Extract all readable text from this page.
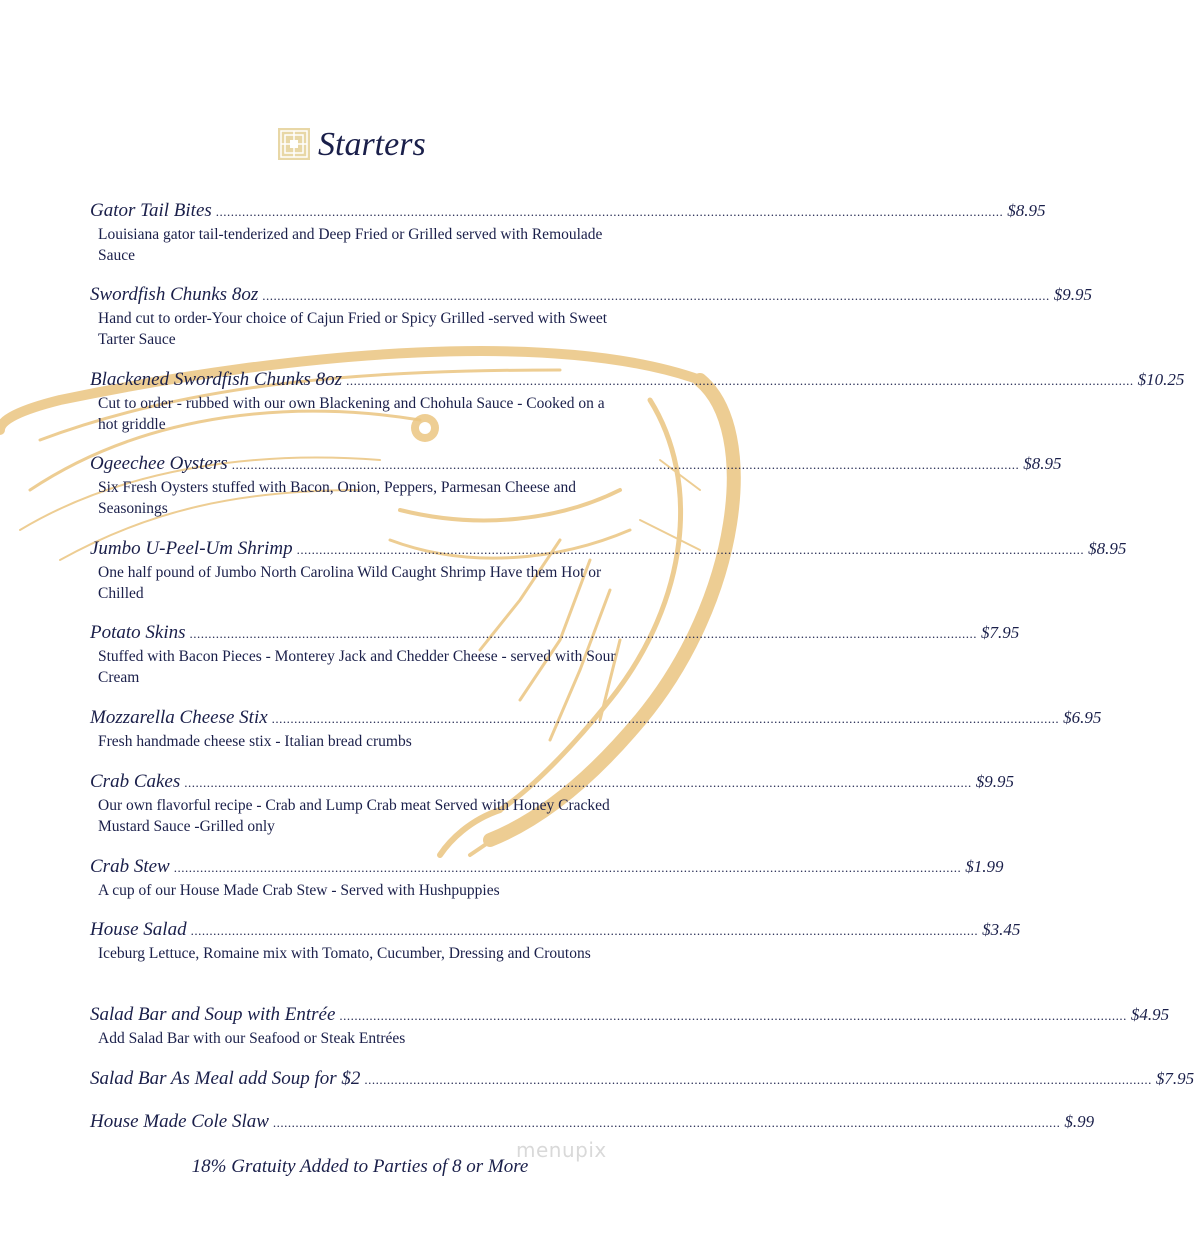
Starters
Gator Tail Bites .....	$8.95
Louisiana gator tail-tenderized and Deep Fried or Grilled served with Remoulade Sauce
Swordfish Chunks 8oz .....	$9.95
Hand cut to order-Your choice of Cajun Fried or Spicy Grilled -served with Sweet Tarter Sauce
Blackened Swordfish Chunks 8oz .....	$10.25
Cut to order - rubbed with our own Blackening and Chohula Sauce - Cooked on a hot griddle
Ogeechee Oysters .....	$8.95
Six Fresh Oysters stuffed with Bacon, Onion, Peppers, Parmesan Cheese and Seasonings
Jumbo U-Peel-Um Shrimp .....	$8.95
One half pound of Jumbo North Carolina Wild Caught Shrimp Have them Hot or Chilled
Potato Skins .....	$7.95
Stuffed with Bacon Pieces - Monterey Jack and Chedder Cheese - served with Sour Cream
Mozzarella Cheese Stix .....	$6.95
Fresh handmade cheese stix - Italian bread crumbs
Crab Cakes .....	$9.95
Our own flavorful recipe - Crab and Lump Crab meat Served with Honey Cracked Mustard Sauce -Grilled only
Crab Stew .....	$1.99
A cup of our House Made Crab Stew - Served with Hushpuppies
House Salad .....	$3.45
Iceburg Lettuce, Romaine mix with Tomato, Cucumber, Dressing and Croutons
Salad Bar and Soup with Entrée .....	$4.95
Add Salad Bar with our Seafood or Steak Entrées
Salad Bar As Meal add Soup for $2 .....	$7.95
House Made Cole Slaw .....	$.99
18% Gratuity Added to Parties of 8 or More
menupix
